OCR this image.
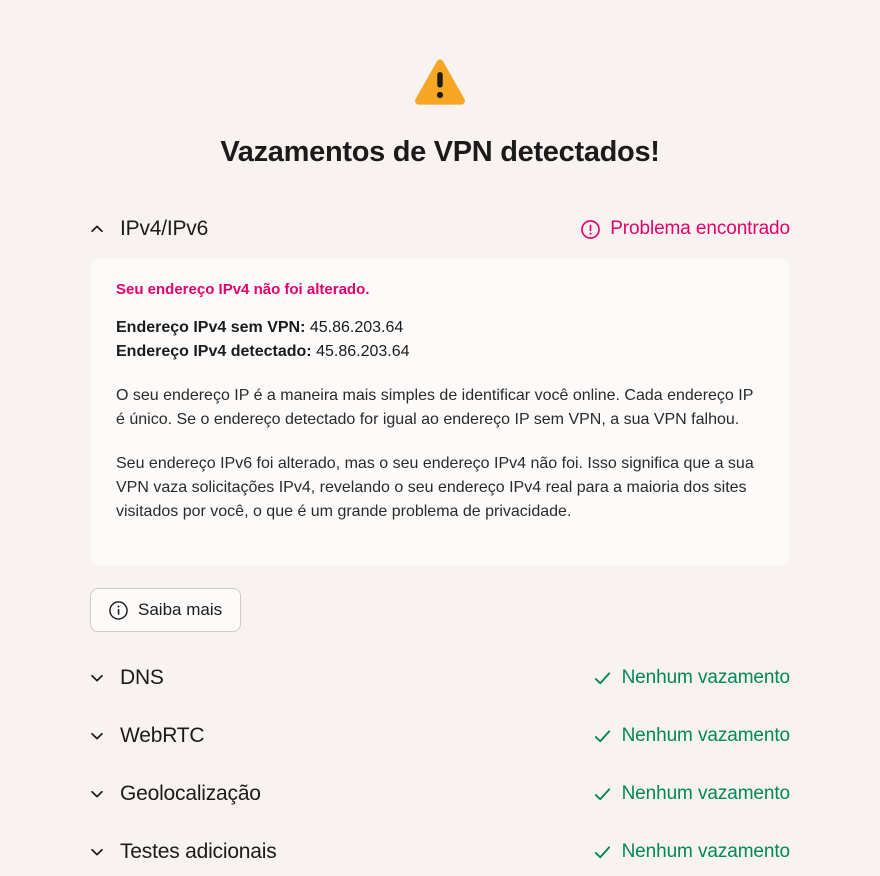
Vazamentos de VPN detectados!
IPv4/IPv6	Problema encontrado
Seu endereço IPv4 não foi alterado.
Endereço IPv4 sem VPN: 45.86.203.64
Endereço IPv4 detectado: 45.86.203.64

O seu endereço IP é a maneira mais simples de identificar você online. Cada endereço IP é único. Se o endereço detectado for igual ao endereço IP sem VPN, a sua VPN falhou.

Seu endereço IPv6 foi alterado, mas o seu endereço IPv4 não foi. Isso significa que a sua VPN vaza solicitações IPv4, revelando o seu endereço IPv4 real para a maioria dos sites visitados por você, o que é um grande problema de privacidade.

Saiba mais
DNS	Nenhum vazamento
WebRTC	Nenhum vazamento
Geolocalização	Nenhum vazamento
Testes adicionais	Nenhum vazamento
